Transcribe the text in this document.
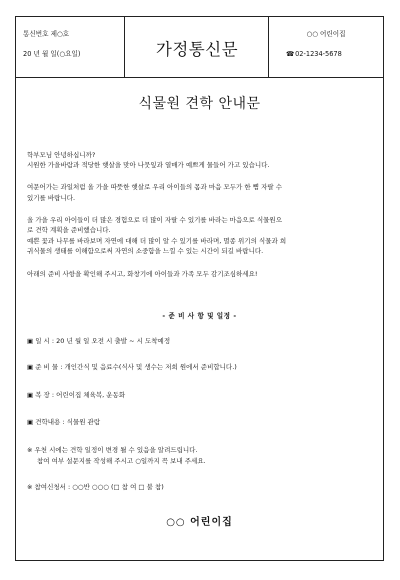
통신번호 제○호
20 년 월 일(○요일)	가정통신문
○○ 어린이집
☎ 02-1234-5678
식물원 견학 안내문
학부모님 안녕하십니까?
시원한 가을바람과 적당한 햇살을 맞아 나뭇잎과 열매가 예쁘게 물들어 가고 있습니다.
여문어가는 과일처럼 올 가을 따뜻한 햇살로 우리 아이들의 몸과 마음 모두가 한 뼘 자랄 수
있기를 바랍니다.
올 가을 우리 아이들이 더 많은 경험으로 더 많이 자랄 수 있기를 바라는 마음으로 식물원으
로 견학 계획을 준비했습니다.
예쁜 꽃과 나무를 바라보며 자연에 대해 더 많이 알 수 있기를 바라며, 멸종 위기의 식물과 희
귀식물의 생태를 이해함으로써 자연의 소중함을 느낄 수 있는 시간이 되길 바랍니다.
아래의 준비 사항을 확인해 주시고, 화창기에 아이들과 가족 모두 감기조심하세요!
- 준 비 사 항 및 일정 -
▣ 일 시 : 20 년 월 일 오전 시 출발 ~ 시 도착예정
▣ 준 비 물 : 개인간식 및 음료수(식사 및 생수는 저희 원에서 준비합니다.)
▣ 복 장 : 어린이집 체육복, 운동화
▣ 견학내용 : 식물원 관람
※ 우천 시에는 견학 일정이 변경 될 수 있음을 알려드립니다.
참여 여부 설문지를 작성해 주시고 ○일까지 꼭 보내 주세요.
※ 참여신청서 : ○○반 ○○○ (□ 참 여 □ 불 참)
○○ 어린이집
